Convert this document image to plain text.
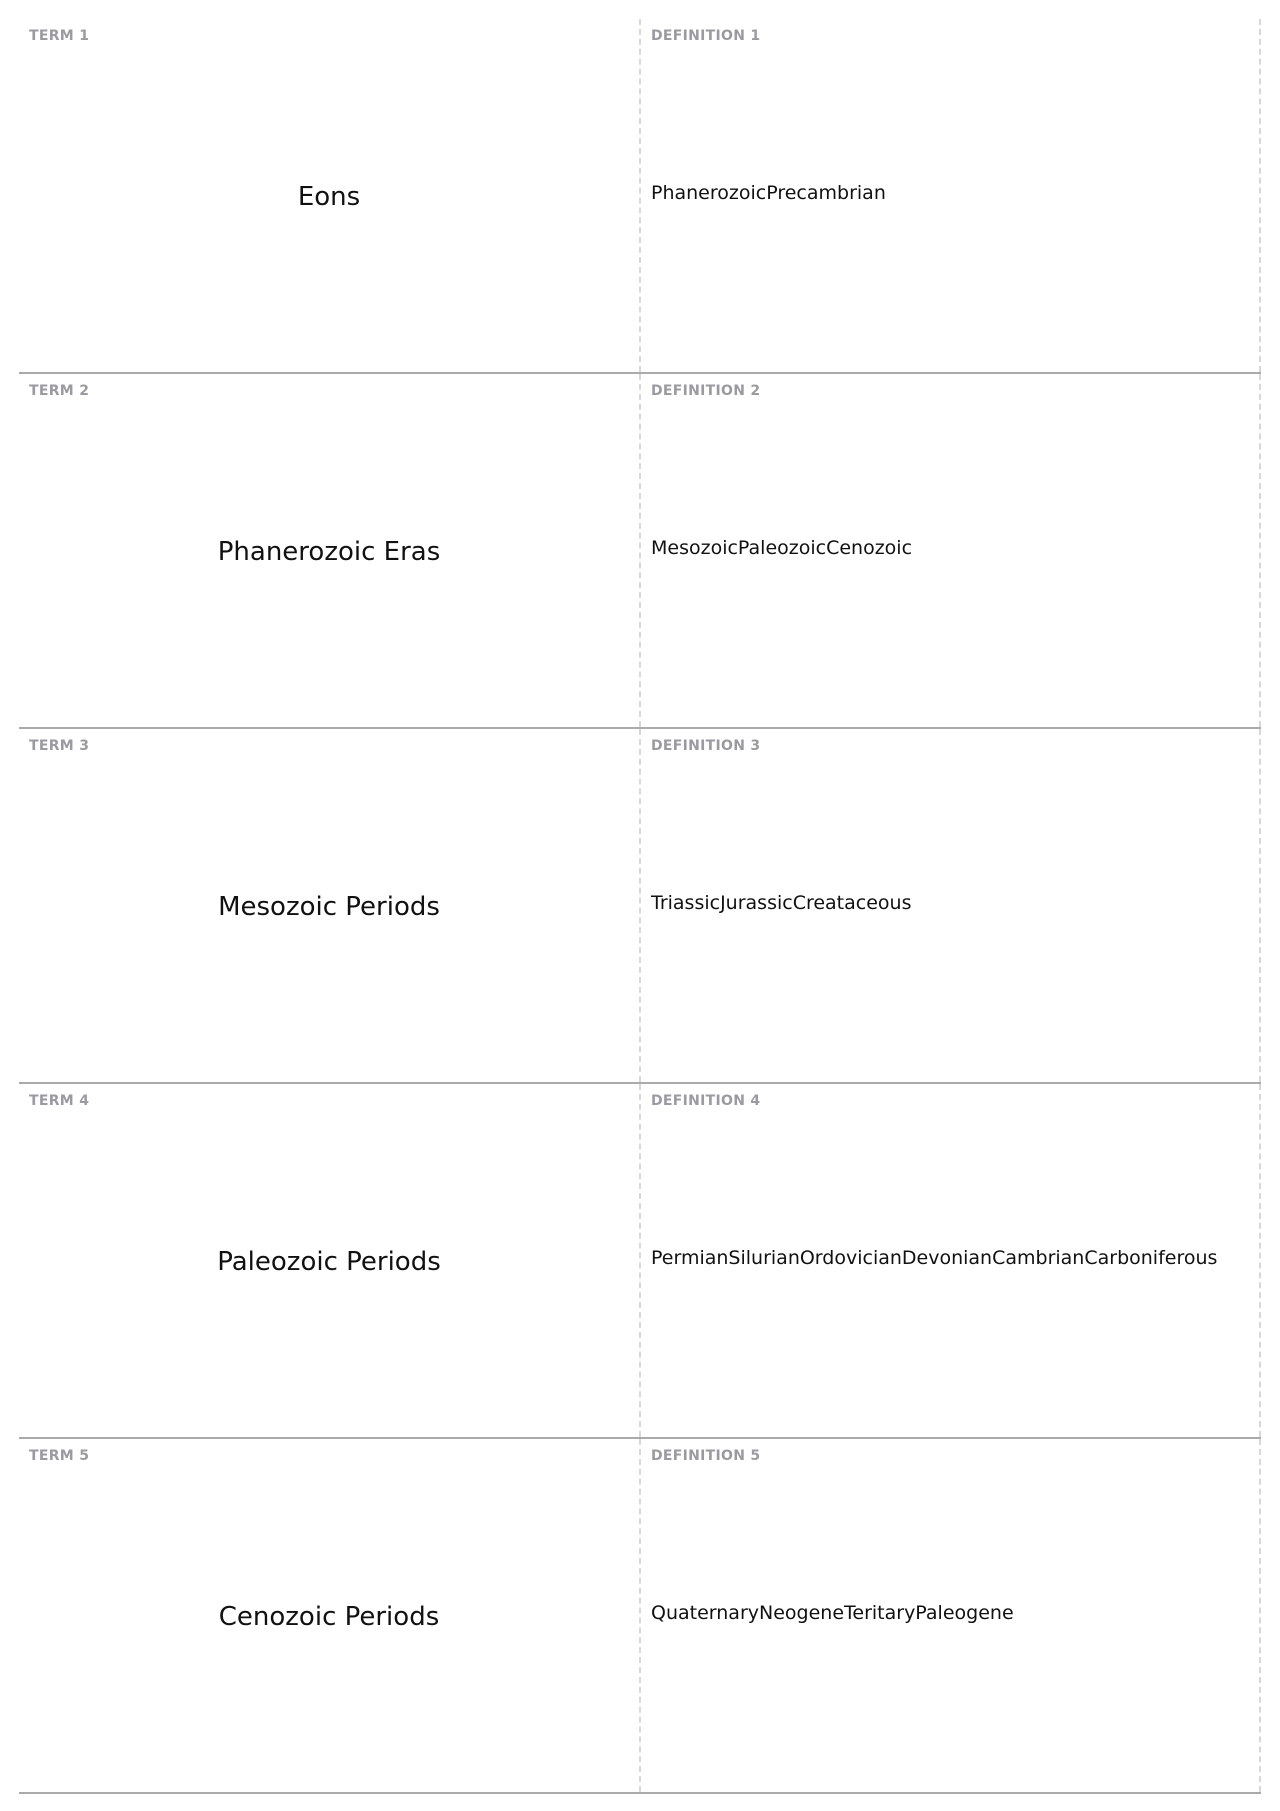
TERM 1
Eons
DEFINITION 1
PhanerozoicPrecambrian
TERM 2
Phanerozoic Eras
DEFINITION 2
MesozoicPaleozoicCenozoic
TERM 3
Mesozoic Periods
DEFINITION 3
TriassicJurassicCreataceous
TERM 4
Paleozoic Periods
DEFINITION 4
PermianSilurianOrdovicianDevonianCambrianCarboniferous
TERM 5
Cenozoic Periods
DEFINITION 5
QuaternaryNeogeneTeritaryPaleogene
